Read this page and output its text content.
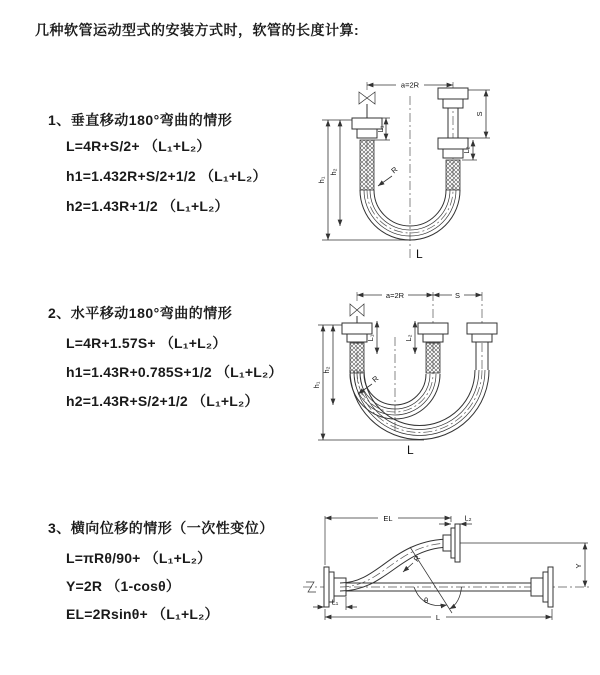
几种软管运动型式的安装方式时，软管的长度计算:
1、垂直移动180°弯曲的情形
L=4R+S/2+ （L₁+L₂）
h1=1.432R+S/2+1/2 （L₁+L₂）
h2=1.43R+1/2 （L₁+L₂）
2、水平移动180°弯曲的情形
L=4R+1.57S+ （L₁+L₂）
h1=1.43R+0.785S+1/2 （L₁+L₂）
h2=1.43R+S/2+1/2 （L₁+L₂）
3、横向位移的情形（一次性变位）
L=πRθ/90+ （L₁+L₂）
Y=2R （1-cosθ）
EL=2Rsinθ+ （L₁+L₂）
a=2R
L₁
S
L₂
h₁
h₂	R
L
a=2R	S
L₁	L₂
h₁
h₂
R
L
θ
R
EL	L₂
Y
L
L₁
